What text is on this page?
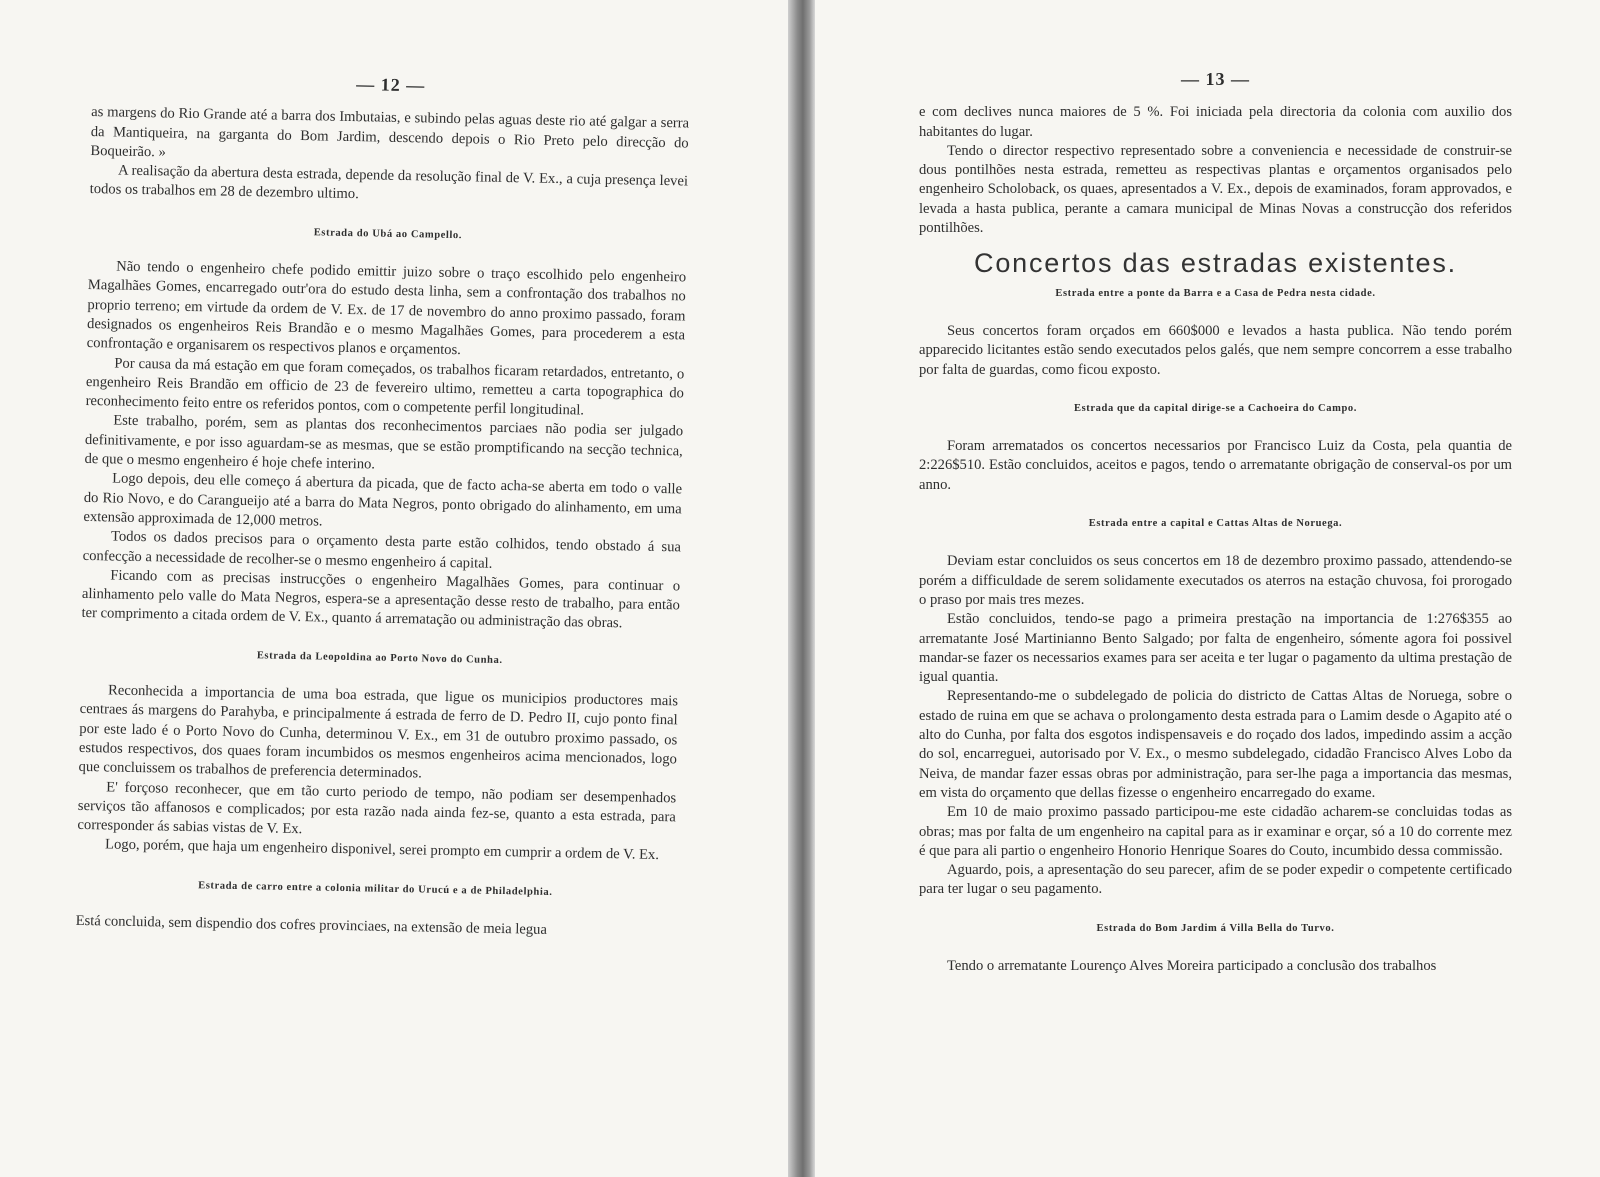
— 12 —

as margens do Rio Grande até a barra dos Imbutaias, e subindo pelas aguas deste rio até galgar a serra da Mantiqueira, na garganta do Bom Jardim, descendo depois o Rio Preto pelo direcção do Boqueirão. »

A realisação da abertura desta estrada, depende da resolução final de V. Ex., a cuja presença levei todos os trabalhos em 28 de dezembro ultimo.

Estrada do Ubá ao Campello.

Não tendo o engenheiro chefe podido emittir juizo sobre o traço escolhido pelo engenheiro Magalhães Gomes, encarregado outr'ora do estudo desta linha, sem a confrontação dos trabalhos no proprio terreno; em virtude da ordem de V. Ex. de 17 de novembro do anno proximo passado, foram designados os engenheiros Reis Brandão e o mesmo Magalhães Gomes, para procederem a esta confrontação e organisarem os respectivos planos e orçamentos.

Por causa da má estação em que foram começados, os trabalhos ficaram retardados, entretanto, o engenheiro Reis Brandão em officio de 23 de fevereiro ultimo, remetteu a carta topographica do reconhecimento feito entre os referidos pontos, com o competente perfil longitudinal.

Este trabalho, porém, sem as plantas dos reconhecimentos parciaes não podia ser julgado definitivamente, e por isso aguardam-se as mesmas, que se estão promptificando na secção technica, de que o mesmo engenheiro é hoje chefe interino.

Logo depois, deu elle começo á abertura da picada, que de facto acha-se aberta em todo o valle do Rio Novo, e do Carangueijo até a barra do Mata Negros, ponto obrigado do alinhamento, em uma extensão approximada de 12,000 metros.

Todos os dados precisos para o orçamento desta parte estão colhidos, tendo obstado á sua confecção a necessidade de recolher-se o mesmo engenheiro á capital.

Ficando com as precisas instrucções o engenheiro Magalhães Gomes, para continuar o alinhamento pelo valle do Mata Negros, espera-se a apresentação desse resto de trabalho, para então ter comprimento a citada ordem de V. Ex., quanto á arrematação ou administração das obras.

Estrada da Leopoldina ao Porto Novo do Cunha.

Reconhecida a importancia de uma boa estrada, que ligue os municipios productores mais centraes ás margens do Parahyba, e principalmente á estrada de ferro de D. Pedro II, cujo ponto final por este lado é o Porto Novo do Cunha, determinou V. Ex., em 31 de outubro proximo passado, os estudos respectivos, dos quaes foram incumbidos os mesmos engenheiros acima mencionados, logo que concluissem os trabalhos de preferencia determinados.

E' forçoso reconhecer, que em tão curto periodo de tempo, não podiam ser desempenhados serviços tão affanosos e complicados; por esta razão nada ainda fez-se, quanto a esta estrada, para corresponder ás sabias vistas de V. Ex.

Logo, porém, que haja um engenheiro disponivel, serei prompto em cumprir a ordem de V. Ex.

Estrada de carro entre a colonia militar do Urucú e a de Philadelphia.

Está concluida, sem dispendio dos cofres provinciaes, na extensão de meia legua

— 13 —

e com declives nunca maiores de 5 %. Foi iniciada pela directoria da colonia com auxilio dos habitantes do lugar.

Tendo o director respectivo representado sobre a conveniencia e necessidade de construir-se dous pontilhões nesta estrada, remetteu as respectivas plantas e orçamentos organisados pelo engenheiro Scholoback, os quaes, apresentados a V. Ex., depois de examinados, foram approvados, e levada a hasta publica, perante a camara municipal de Minas Novas a construcção dos referidos pontilhões.

Concertos das estradas existentes.
Estrada entre a ponte da Barra e a Casa de Pedra nesta cidade.

Seus concertos foram orçados em 660$000 e levados a hasta publica. Não tendo porém apparecido licitantes estão sendo executados pelos galés, que nem sempre concorrem a esse trabalho por falta de guardas, como ficou exposto.

Estrada que da capital dirige-se a Cachoeira do Campo.

Foram arrematados os concertos necessarios por Francisco Luiz da Costa, pela quantia de 2:226$510. Estão concluidos, aceitos e pagos, tendo o arrematante obrigação de conserval-os por um anno.

Estrada entre a capital e Cattas Altas de Noruega.

Deviam estar concluidos os seus concertos em 18 de dezembro proximo passado, attendendo-se porém a difficuldade de serem solidamente executados os aterros na estação chuvosa, foi prorogado o praso por mais tres mezes.

Estão concluidos, tendo-se pago a primeira prestação na importancia de 1:276$355 ao arrematante José Martinianno Bento Salgado; por falta de engenheiro, sómente agora foi possivel mandar-se fazer os necessarios exames para ser aceita e ter lugar o pagamento da ultima prestação de igual quantia.

Representando-me o subdelegado de policia do districto de Cattas Altas de Noruega, sobre o estado de ruina em que se achava o prolongamento desta estrada para o Lamim desde o Agapito até o alto do Cunha, por falta dos esgotos indispensaveis e do roçado dos lados, impedindo assim a acção do sol, encarreguei, autorisado por V. Ex., o mesmo subdelegado, cidadão Francisco Alves Lobo da Neiva, de mandar fazer essas obras por administração, para ser-lhe paga a importancia das mesmas, em vista do orçamento que dellas fizesse o engenheiro encarregado do exame.

Em 10 de maio proximo passado participou-me este cidadão acharem-se concluidas todas as obras; mas por falta de um engenheiro na capital para as ir examinar e orçar, só a 10 do corrente mez é que para ali partio o engenheiro Honorio Henrique Soares do Couto, incumbido dessa commissão.

Aguardo, pois, a apresentação do seu parecer, afim de se poder expedir o competente certificado para ter lugar o seu pagamento.

Estrada do Bom Jardim á Villa Bella do Turvo.

Tendo o arrematante Lourenço Alves Moreira participado a conclusão dos trabalhos
